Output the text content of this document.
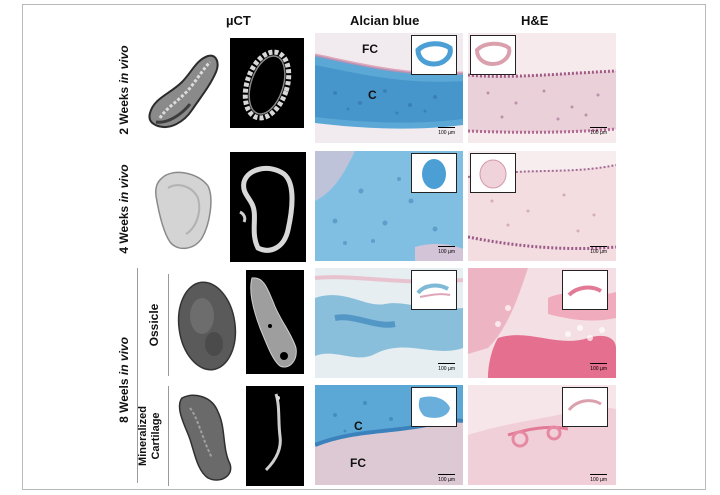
µCT	Alcian blue	H&E
2 Weeks in vivo
4 Weeks in vivo
8 Weels in vivo
Ossicle
Mineralized Cartilage
FC
C
100 µm	100 µm
100 µm	100 µm
100 µm	100 µm
C
FC
100 µm	100 µm
